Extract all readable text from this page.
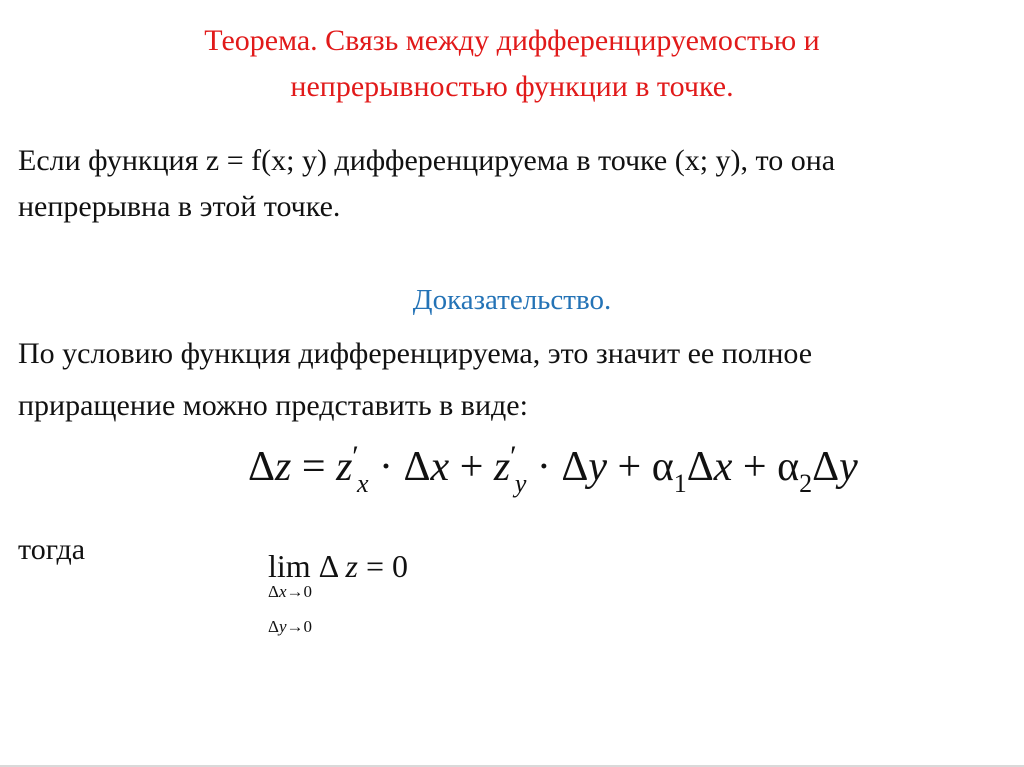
Теорема. Связь между дифференцируемостью и
непрерывностью функции в точке.
Если функция z = f(x; y) дифференцируема в точке (x; y), то она
непрерывна в этой точке.
Доказательство.
По условию функция дифференцируема, это значит ее полное
приращение можно представить в виде:
$\Delta z = z'_x \cdot \Delta x + z'_y \cdot \Delta y + \alpha_1\Delta x + \alpha_2\Delta y$
тогда	lim Δ z = 0
Δx→0
Δy→0
